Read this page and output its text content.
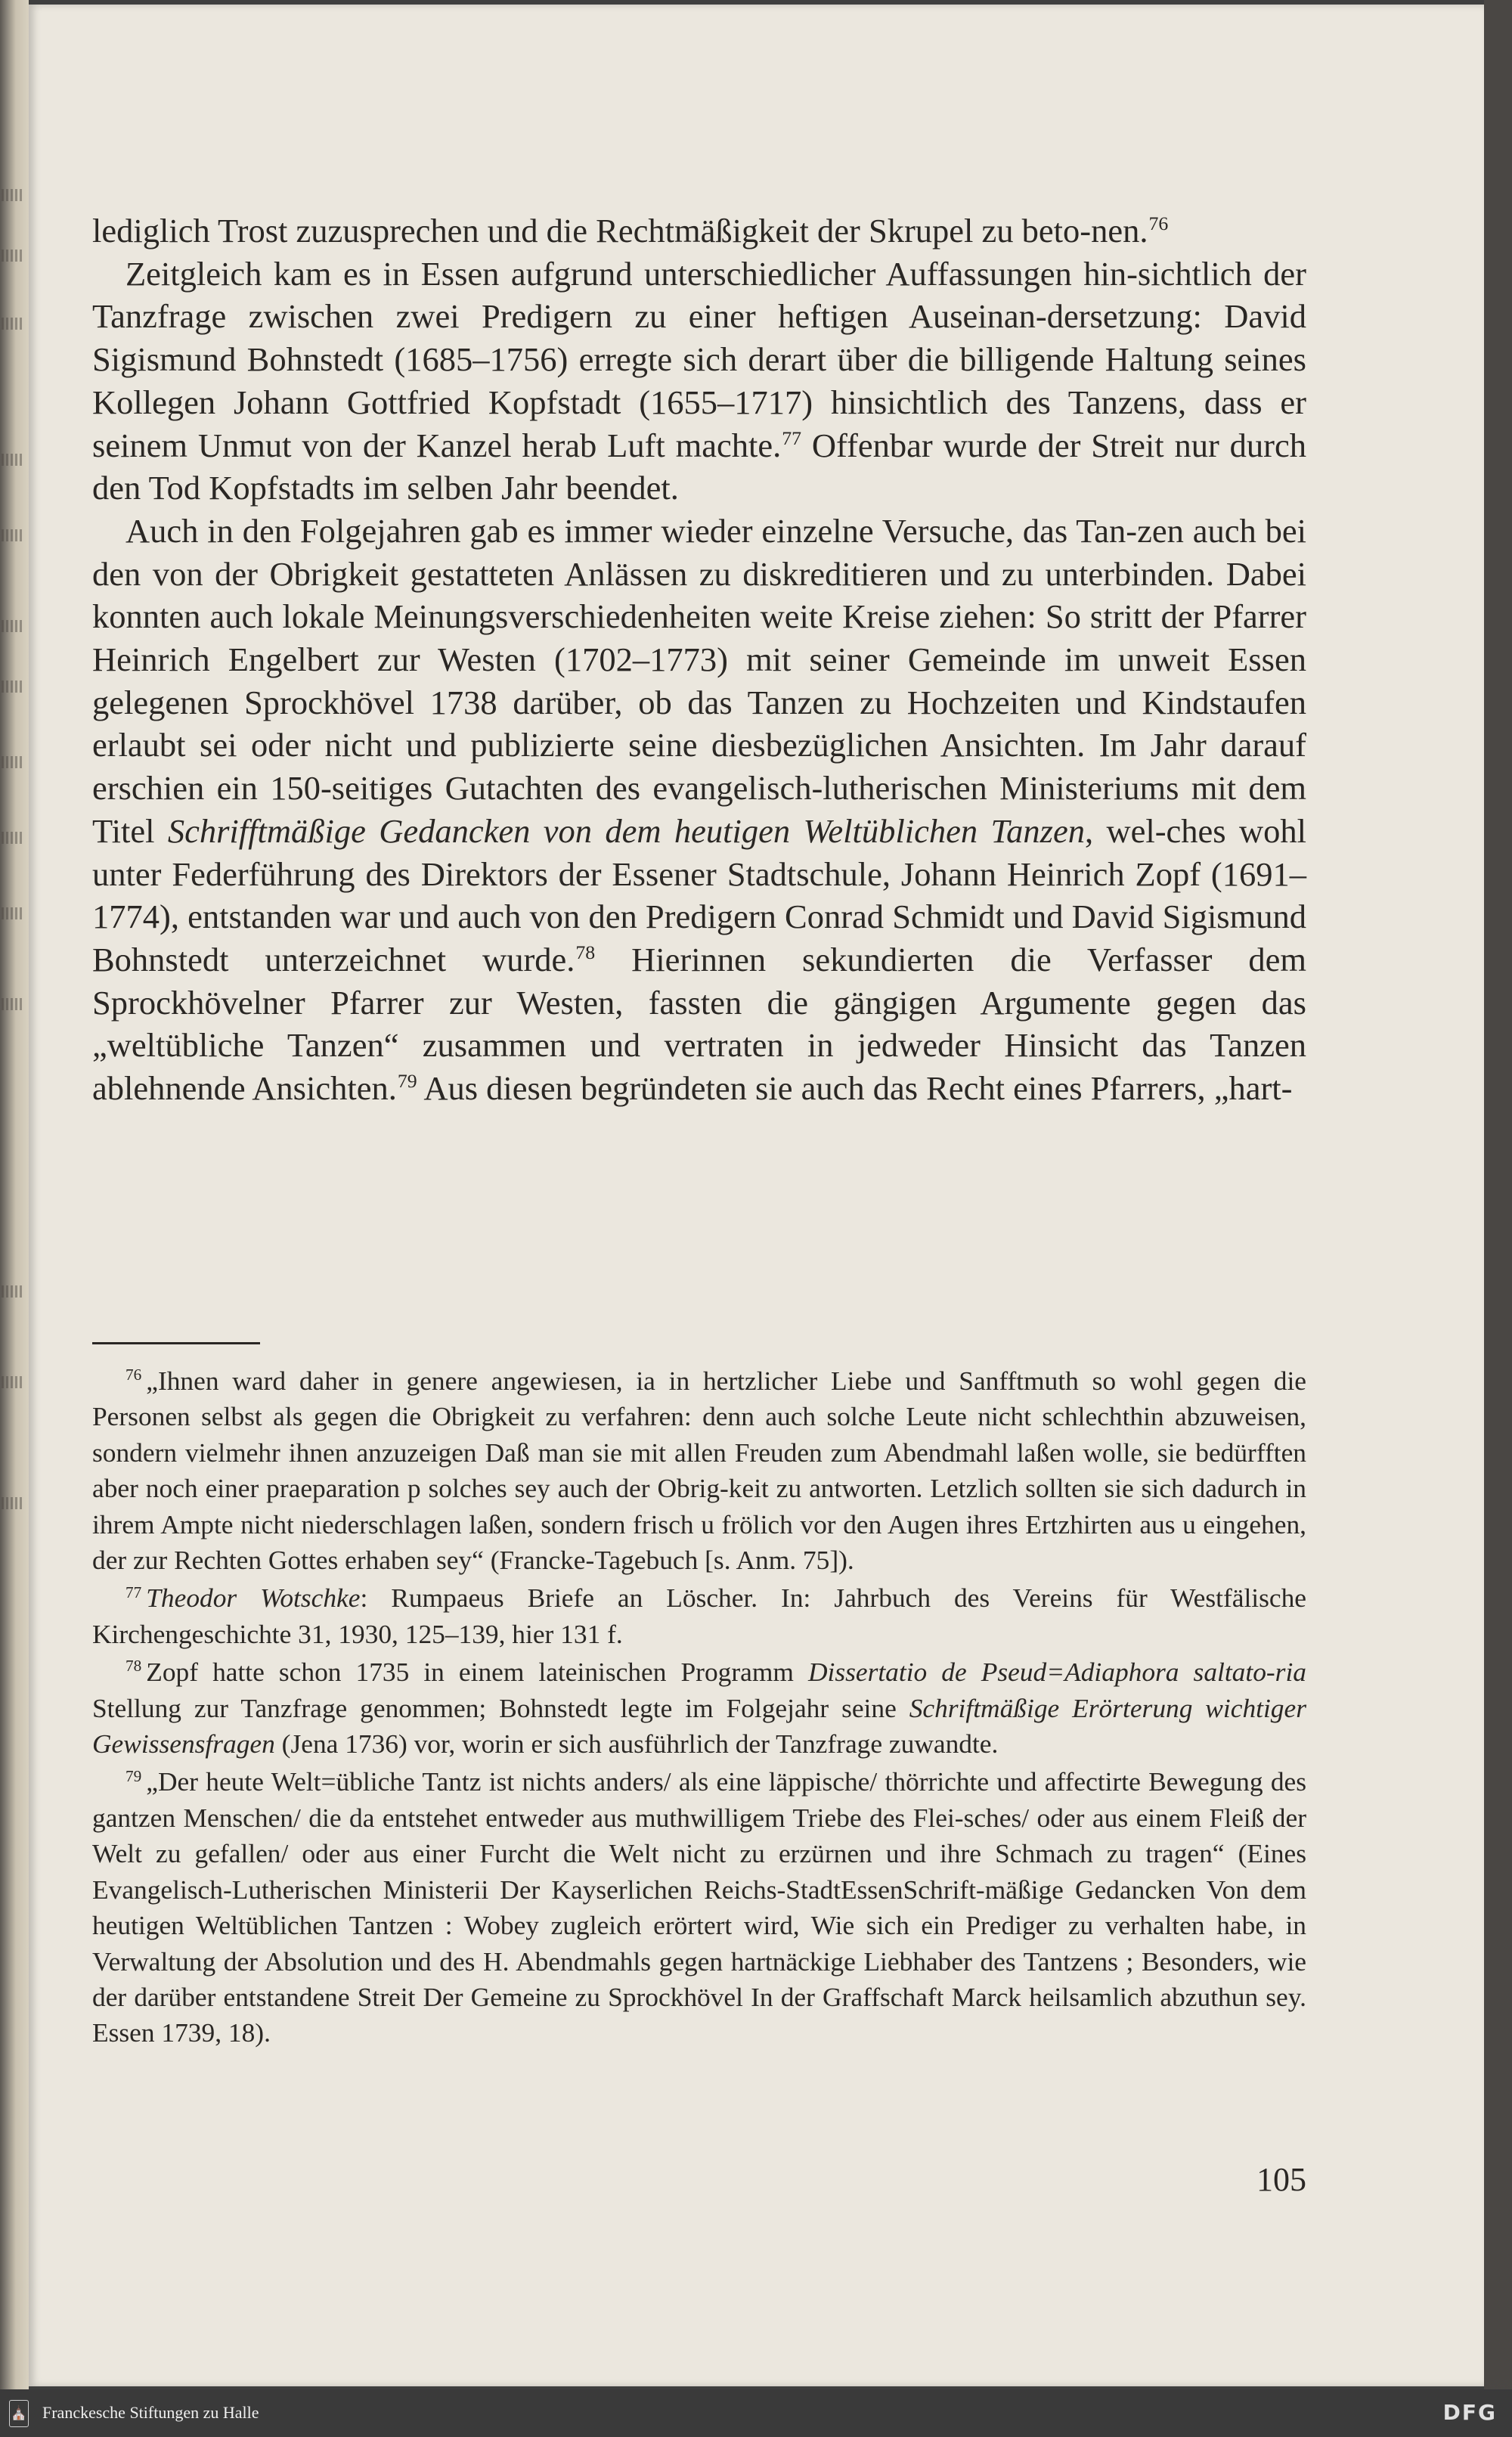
lediglich Trost zuzusprechen und die Rechtmäßigkeit der Skrupel zu beto-nen.$^{76}$

Zeitgleich kam es in Essen aufgrund unterschiedlicher Auffassungen hin-sichtlich der Tanzfrage zwischen zwei Predigern zu einer heftigen Auseinan-dersetzung: David Sigismund Bohnstedt (1685–1756) erregte sich derart über die billigende Haltung seines Kollegen Johann Gottfried Kopfstadt (1655–1717) hinsichtlich des Tanzens, dass er seinem Unmut von der Kanzel herab Luft machte.$^{77}$ Offenbar wurde der Streit nur durch den Tod Kopfstadts im selben Jahr beendet.

Auch in den Folgejahren gab es immer wieder einzelne Versuche, das Tan-zen auch bei den von der Obrigkeit gestatteten Anlässen zu diskreditieren und zu unterbinden. Dabei konnten auch lokale Meinungsverschiedenheiten weite Kreise ziehen: So stritt der Pfarrer Heinrich Engelbert zur Westen (1702–1773) mit seiner Gemeinde im unweit Essen gelegenen Sprockhövel 1738 darüber, ob das Tanzen zu Hochzeiten und Kindstaufen erlaubt sei oder nicht und publizierte seine diesbezüglichen Ansichten. Im Jahr darauf erschien ein 150-seitiges Gutachten des evangelisch-lutherischen Ministeriums mit dem Titel Schrifftmäßige Gedancken von dem heutigen Weltüblichen Tanzen, wel-ches wohl unter Federführung des Direktors der Essener Stadtschule, Johann Heinrich Zopf (1691–1774), entstanden war und auch von den Predigern Conrad Schmidt und David Sigismund Bohnstedt unterzeichnet wurde.$^{78}$ Hierinnen sekundierten die Verfasser dem Sprockhövelner Pfarrer zur Westen, fassten die gängigen Argumente gegen das „weltübliche Tanzen“ zusammen und vertraten in jedweder Hinsicht das Tanzen ablehnende Ansichten.$^{79}$ Aus diesen begründeten sie auch das Recht eines Pfarrers, „hart-

$^{76}$ „Ihnen ward daher in genere angewiesen, ia in hertzlicher Liebe und Sanfftmuth so wohl gegen die Personen selbst als gegen die Obrigkeit zu verfahren: denn auch solche Leute nicht schlechthin abzuweisen, sondern vielmehr ihnen anzuzeigen Daß man sie mit allen Freuden zum Abendmahl laßen wolle, sie bedürfften aber noch einer praeparation p solches sey auch der Obrig-keit zu antworten. Letzlich sollten sie sich dadurch in ihrem Ampte nicht niederschlagen laßen, sondern frisch u frölich vor den Augen ihres Ertzhirten aus u eingehen, der zur Rechten Gottes erhaben sey“ (Francke-Tagebuch [s. Anm. 75]).

$^{77}$ Theodor Wotschke: Rumpaeus Briefe an Löscher. In: Jahrbuch des Vereins für Westfälische Kirchengeschichte 31, 1930, 125–139, hier 131 f.

$^{78}$ Zopf hatte schon 1735 in einem lateinischen Programm Dissertatio de Pseud=Adiaphora saltato-ria Stellung zur Tanzfrage genommen; Bohnstedt legte im Folgejahr seine Schriftmäßige Erörterung wichtiger Gewissensfragen (Jena 1736) vor, worin er sich ausführlich der Tanzfrage zuwandte.

$^{79}$ „Der heute Welt=übliche Tantz ist nichts anders/ als eine läppische/ thörrichte und affectirte Bewegung des gantzen Menschen/ die da entstehet entweder aus muthwilligem Triebe des Flei-sches/ oder aus einem Fleiß der Welt zu gefallen/ oder aus einer Furcht die Welt nicht zu erzürnen und ihre Schmach zu tragen“ (Eines Evangelisch-Lutherischen Ministerii Der Kayserlichen Reichs-StadtEssenSchrift-mäßige Gedancken Von dem heutigen Weltüblichen Tantzen : Wobey zugleich erörtert wird, Wie sich ein Prediger zu verhalten habe, in Verwaltung der Absolution und des H. Abendmahls gegen hartnäckige Liebhaber des Tantzens ; Besonders, wie der darüber entstandene Streit Der Gemeine zu Sprockhövel In der Graffschaft Marck heilsamlich abzuthun sey. Essen 1739, 18).

105
⛪ Franckesche Stiftungen zu Halle	DFG
